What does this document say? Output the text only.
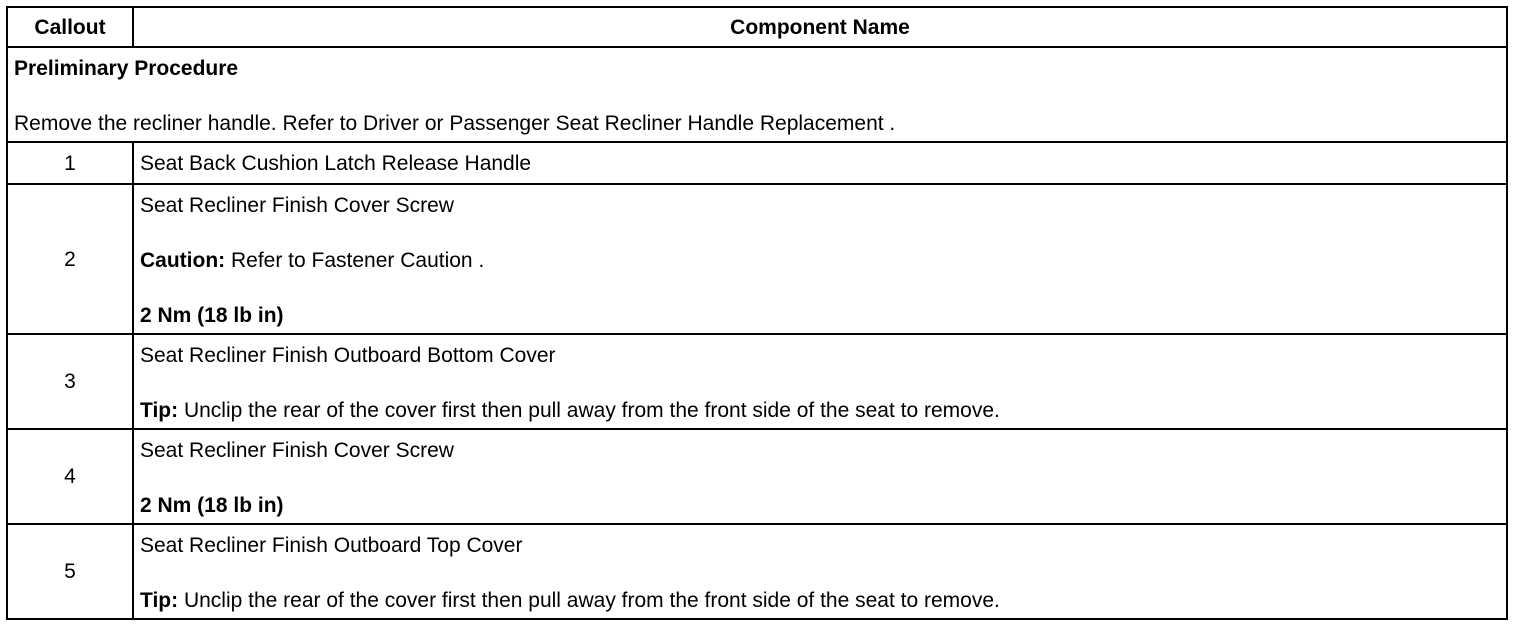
Callout	Component Name

Preliminary Procedure
Remove the recliner handle. Refer to Driver or Passenger Seat Recliner Handle Replacement .	

1	Seat Back Cushion Latch Release Handle

2	Seat Recliner Finish Cover Screw
Caution: Refer to Fastener Caution .
2 Nm (18 lb in)

3	Seat Recliner Finish Outboard Bottom Cover
Tip: Unclip the rear of the cover first then pull away from the front side of the seat to remove.

4	Seat Recliner Finish Cover Screw
2 Nm (18 lb in)

5	Seat Recliner Finish Outboard Top Cover
Tip: Unclip the rear of the cover first then pull away from the front side of the seat to remove.
